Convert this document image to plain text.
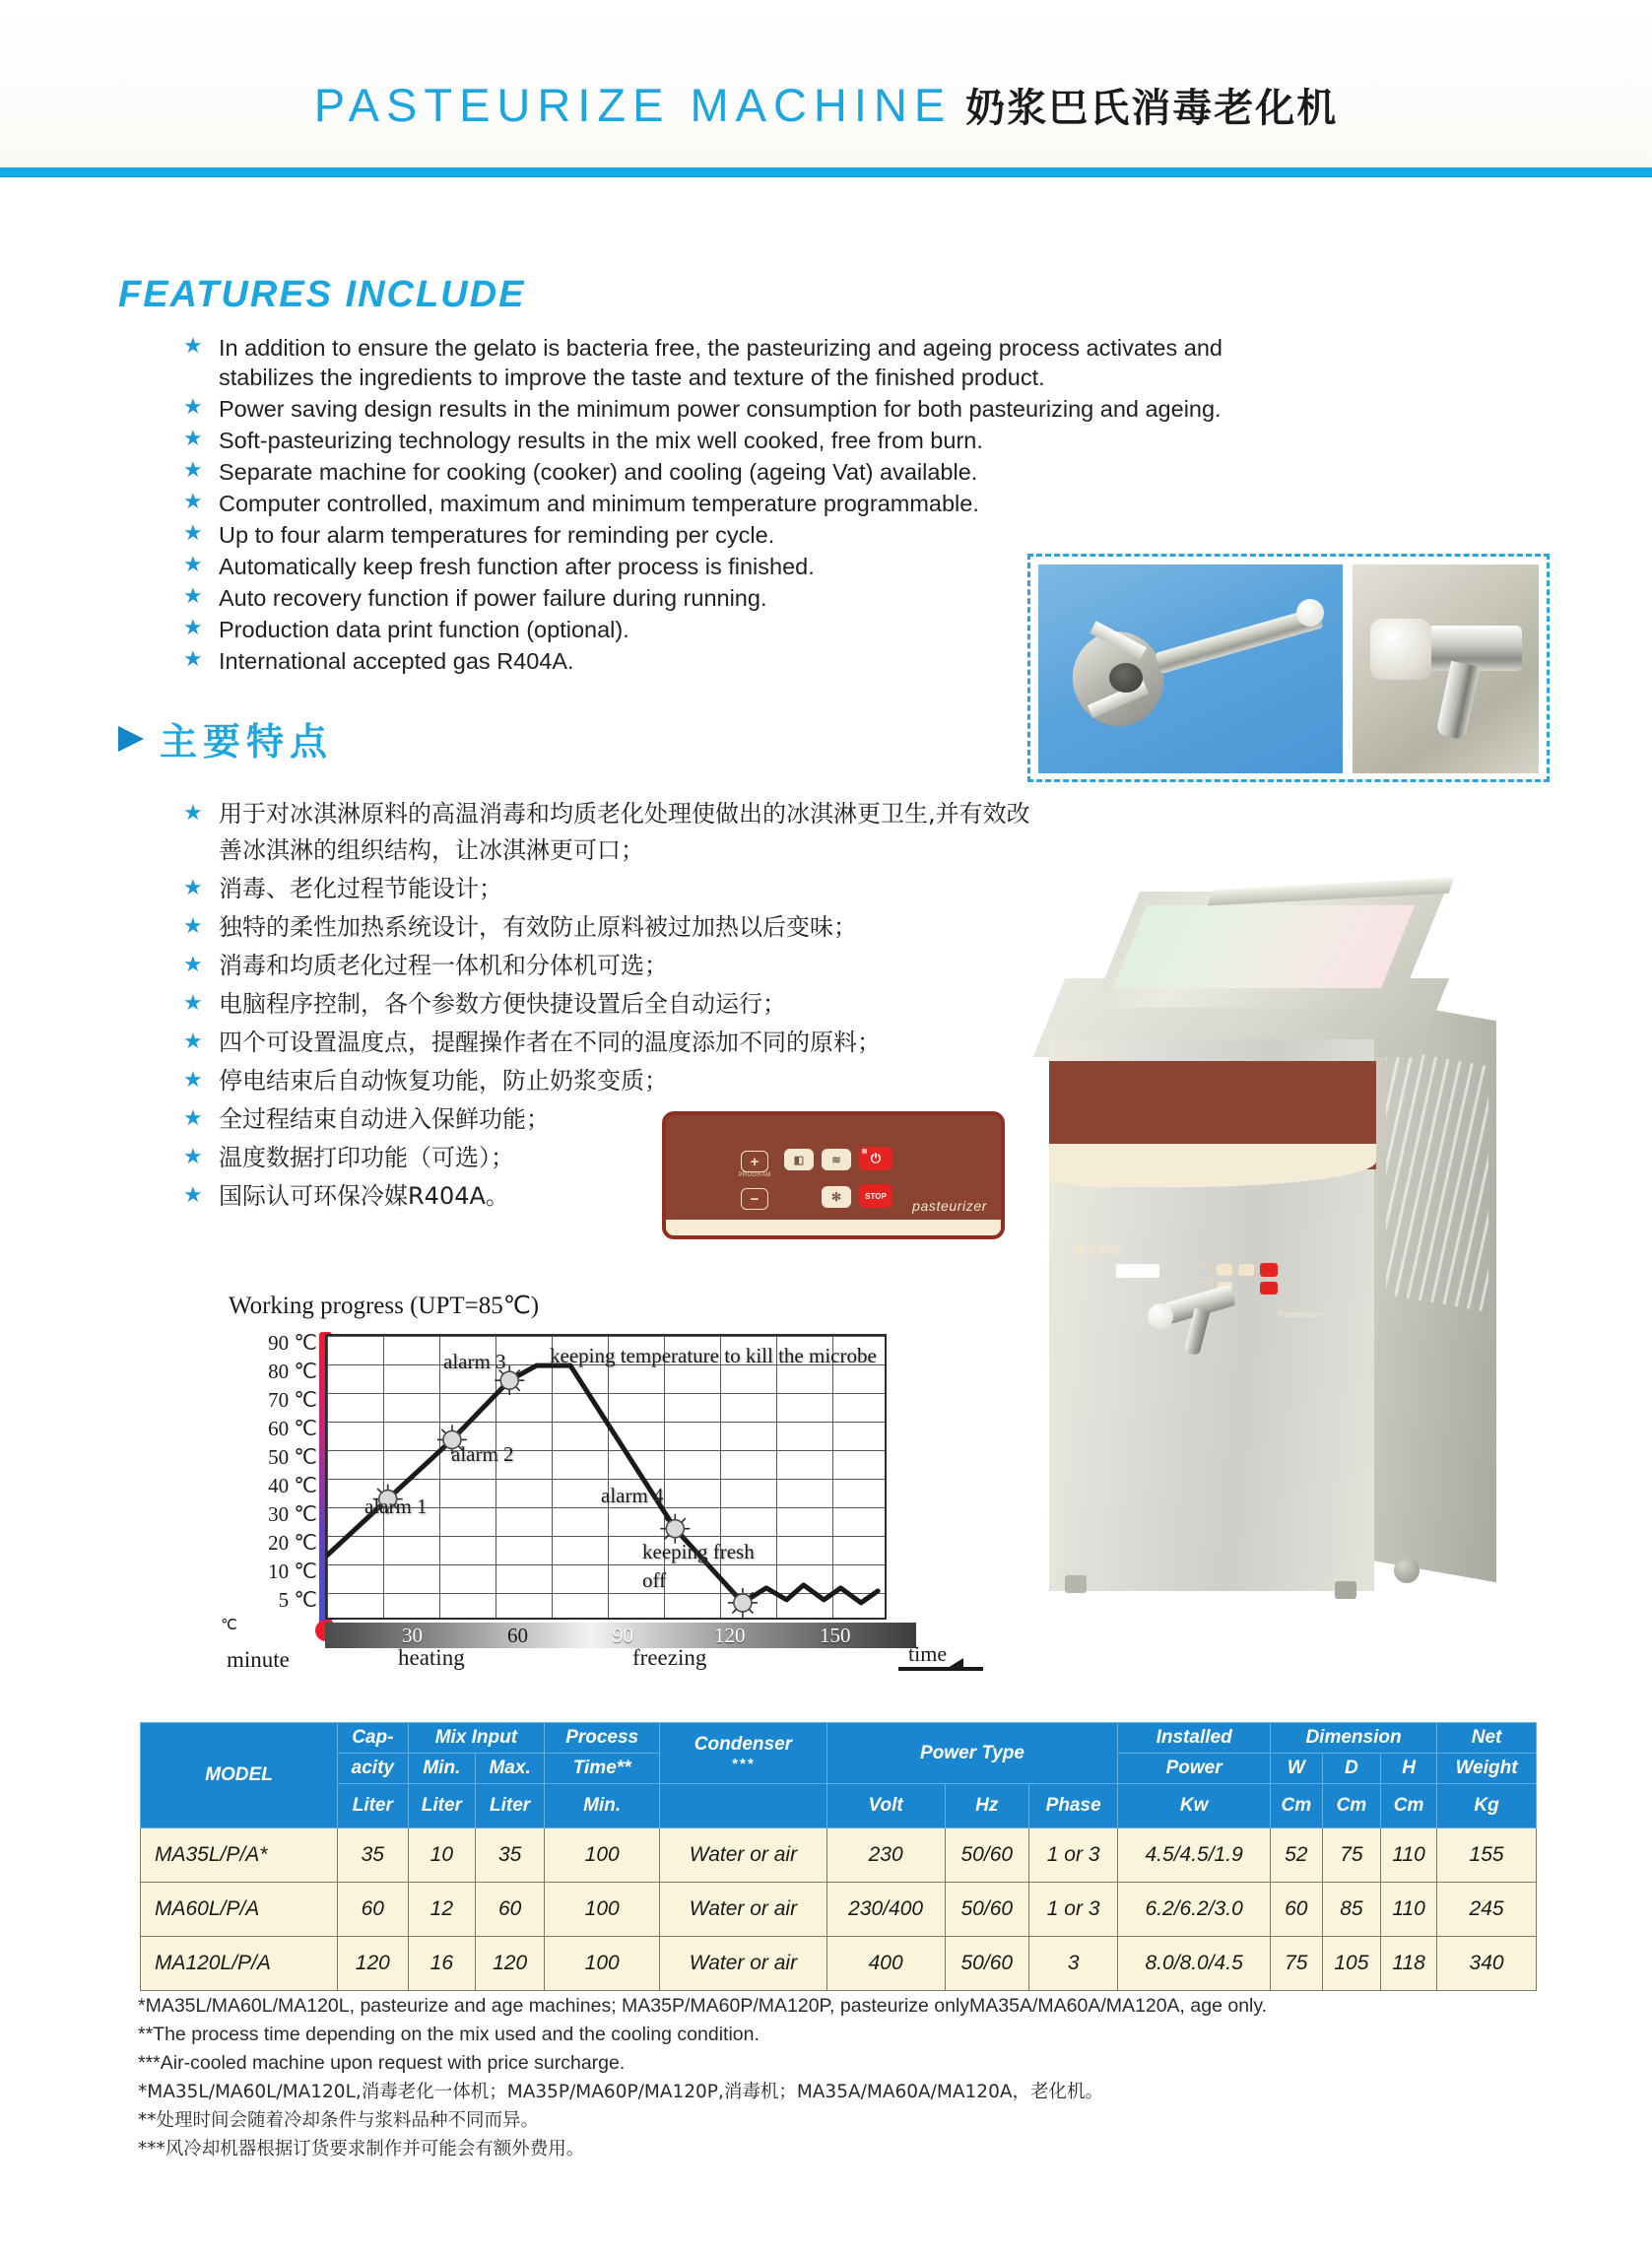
PASTEURIZE MACHINE 奶浆巴氏消毒老化机
FEATURES INCLUDE
★ In addition to ensure the gelato is bacteria free, the pasteurizing and ageing process activates and stabilizes the ingredients to improve the taste and texture of the finished product.
★ Power saving design results in the minimum power consumption for both pasteurizing and ageing.
★ Soft-pasteurizing technology results in the mix well cooked, free from burn.
★ Separate machine for cooking (cooker) and cooling (ageing Vat) available.
★ Computer controlled, maximum and minimum temperature programmable.
★ Up to four alarm temperatures for reminding per cycle.
★ Automatically keep fresh function after process is finished.
★ Auto recovery function if power failure during running.
★ Production data print function (optional).
★ International accepted gas R404A.
主要特点
★ 用于对冰淇淋原料的高温消毒和均质老化处理使做出的冰淇淋更卫生,并有效改善冰淇淋的组织结构，让冰淇淋更可口；
★ 消毒、老化过程节能设计；
★ 独特的柔性加热系统设计，有效防止原料被过加热以后变味；
★ 消毒和均质老化过程一体机和分体机可选；
★ 电脑程序控制，各个参数方便快捷设置后全自动运行；
★ 四个可设置温度点，提醒操作者在不同的温度添加不同的原料；
★ 停电结束后自动恢复功能，防止奶浆变质；
★ 全过程结束自动进入保鲜功能；
★ 温度数据打印功能（可选）；
★ 国际认可环保冷媒R404A。
+
PROGRAM
−
◧	≋
✻
⏻
STOP
pasteurizer
维尔利特
Pasteurizer
Working progress (UPT=85℃)
90 ℃
80 ℃
70 ℃
60 ℃
50 ℃
40 ℃
30 ℃
20 ℃
10 ℃
5 ℃
alarm 1
alarm 2
alarm 3
alarm 4
off
keeping temperature to kill the microbe
keeping fresh
30	60	90	120	150
℃
minute	heating	freezing	time
MODEL	Cap-	Mix Input		Process	Condenser
***	Power Type			Installed	Dimension			Net
	acity	Min.	Max.	Time**					Power	W	D	H	Weight
	Liter	Liter	Liter	Min.		Volt	Hz	Phase	Kw	Cm	Cm	Cm	Kg
MA35L/P/A*	35	10	35	100	Water or air	230	50/60	1 or 3	4.5/4.5/1.9	52	75	110	155
MA60L/P/A	60	12	60	100	Water or air	230/400	50/60	1 or 3	6.2/6.2/3.0	60	85	110	245
MA120L/P/A	120	16	120	100	Water or air	400	50/60	3	8.0/8.0/4.5	75	105	118	340
*MA35L/MA60L/MA120L, pasteurize and age machines; MA35P/MA60P/MA120P, pasteurize onlyMA35A/MA60A/MA120A, age only.
**The process time depending on the mix used and the cooling condition.
***Air-cooled machine upon request with price surcharge.
*MA35L/MA60L/MA120L,消毒老化一体机；MA35P/MA60P/MA120P,消毒机；MA35A/MA60A/MA120A，老化机。
**处理时间会随着冷却条件与浆料品种不同而异。
***风冷却机器根据订货要求制作并可能会有额外费用。
